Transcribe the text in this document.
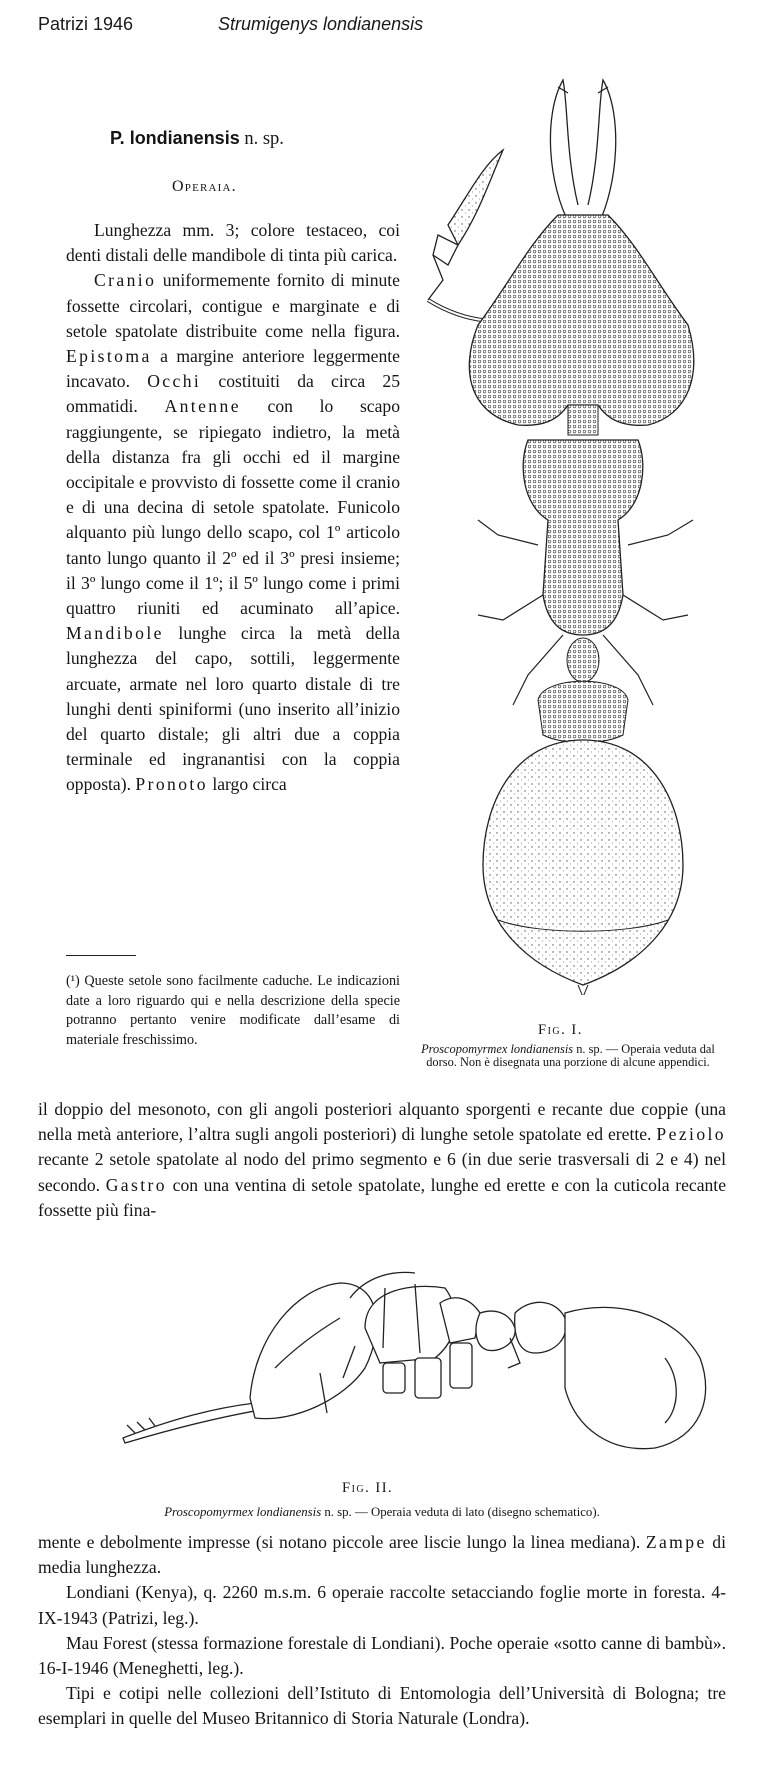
Patrizi 1946	Strumigenys londianensis
P. londianensis n. sp.
Operaia.

Lunghezza mm. 3; colore testaceo, coi denti distali delle mandibole di tinta più carica.

Cranio uniformemente fornito di minute fossette circolari, contigue e marginate e di setole spatolate distribuite come nella figura. Epistoma a margine anteriore leggermente incavato. Occhi costituiti da circa 25 ommatidi. Antenne con lo scapo raggiungente, se ripiegato indietro, la metà della distanza fra gli occhi ed il margine occipitale e provvisto di fossette come il cranio e di una decina di setole spatolate. Funicolo alquanto più lungo dello scapo, col 1º articolo tanto lungo quanto il 2º ed il 3º presi insieme; il 3º lungo come il 1º; il 5º lungo come i primi quattro riuniti ed acuminato all’apice. Mandibole lunghe circa la metà della lunghezza del capo, sottili, leggermente arcuate, armate nel loro quarto distale di tre lunghi denti spiniformi (uno inserito all’inizio del quarto distale; gli altri due a coppia terminale ed ingranantisi con la coppia opposta). Pronoto largo circa

(¹) Queste setole sono facilmente caduche. Le indicazioni date a loro riguardo qui e nella descrizione della specie potranno pertanto venire modificate dall’esame di materiale freschissimo.

Fig. I.
Proscopomyrmex londianensis n. sp. — Operaia veduta dal dorso. Non è disegnata una porzione di alcune appendici.

il doppio del mesonoto, con gli angoli posteriori alquanto sporgenti e recante due coppie (una nella metà anteriore, l’altra sugli angoli posteriori) di lunghe setole spatolate ed erette. Peziolo recante 2 setole spatolate al nodo del primo segmento e 6 (in due serie trasversali di 2 e 4) nel secondo. Gastro con una ventina di setole spatolate, lunghe ed erette e con la cuticola recante fossette più fina-

Fig. II.
Proscopomyrmex londianensis n. sp. — Operaia veduta di lato (disegno schematico).

mente e debolmente impresse (si notano piccole aree liscie lungo la linea mediana). Zampe di media lunghezza.

Londiani (Kenya), q. 2260 m.s.m. 6 operaie raccolte setacciando foglie morte in foresta. 4-IX-1943 (Patrizi, leg.).

Mau Forest (stessa formazione forestale di Londiani). Poche operaie «sotto canne di bambù». 16-I-1946 (Meneghetti, leg.).

Tipi e cotipi nelle collezioni dell’Istituto di Entomologia dell’Università di Bologna; tre esemplari in quelle del Museo Britannico di Storia Naturale (Londra).
